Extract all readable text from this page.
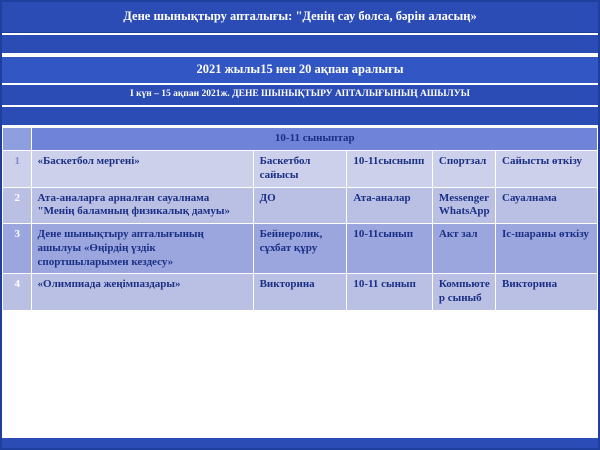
Дене шынықтыру апталығы: "Денің сау болса, бәрін аласың»
2021 жылы15 нен 20 ақпан аралығы
І күн – 15 ақпан 2021ж. ДЕНЕ ШЫНЫҚТЫРУ АПТАЛЫҒЫНЫҢ АШЫЛУЫ
	10-11 сыныптар				
1	«Баскетбол мергені»	Баскетбол сайысы	10-11сысныпп	Спортзал	Сайысты өткізу
2	Ата-аналарға арналған сауалнама "Менің баламның физикалық дамуы»	ДО	Ата-аналар	Messenger WhatsApp	Сауалнама
3	Дене шынықтыру апталығының ашылуы «Өңірдің үздік спортшыларымен кездесу»	Бейнеролик, сұхбат құру	10-11сынып	Акт зал	Іс-шараны өткізу
4	«Олимпиада жеңімпаздары»	Викторина	10-11 сынып	Компьютер сыныб	Викторина
